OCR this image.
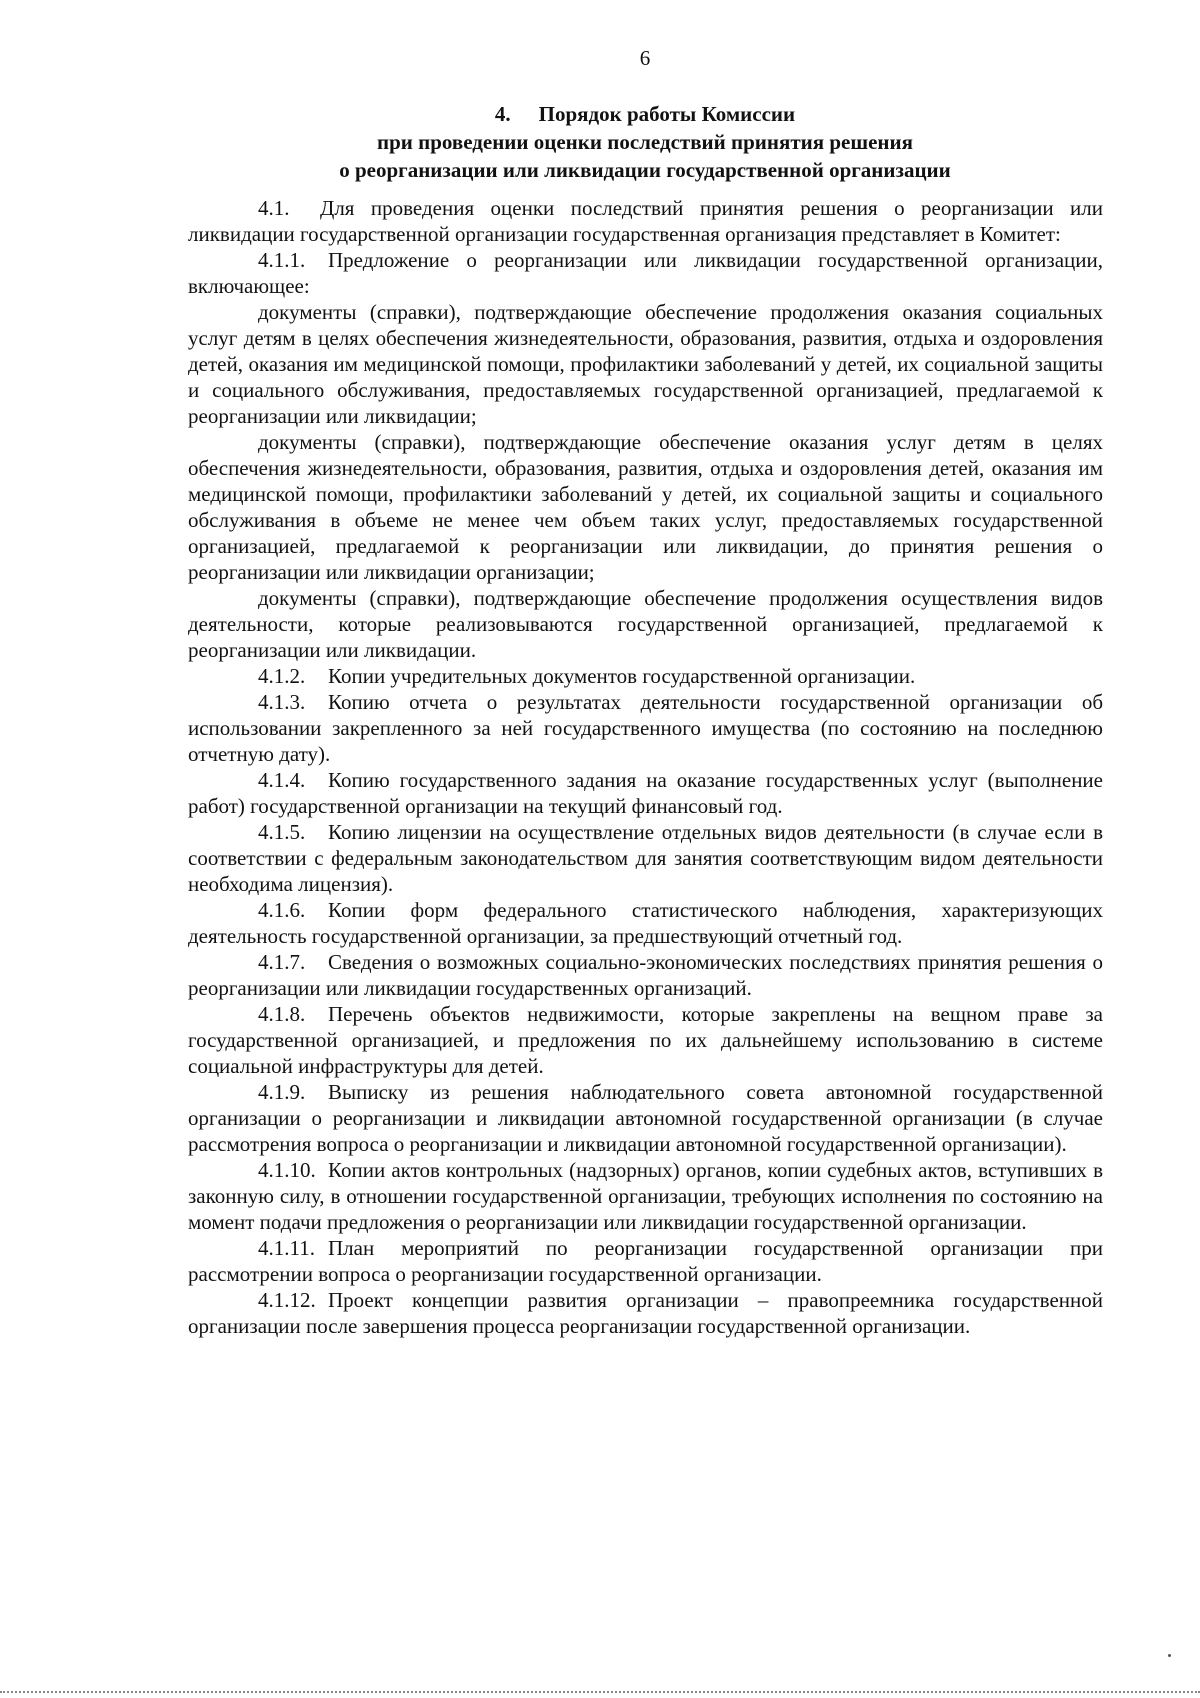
6
4. Порядок работы Комиссии
при проведении оценки последствий принятия решения
о реорганизации или ликвидации государственной организации

4.1. Для проведения оценки последствий принятия решения о реорганизации или ликвидации государственной организации государственная организация представляет в Комитет:

4.1.1. Предложение о реорганизации или ликвидации государственной организации, включающее:

документы (справки), подтверждающие обеспечение продолжения оказания социальных услуг детям в целях обеспечения жизнедеятельности, образования, развития, отдыха и оздоровления детей, оказания им медицинской помощи, профилактики заболеваний у детей, их социальной защиты и социального обслуживания, предоставляемых государственной организацией, предлагаемой к реорганизации или ликвидации;

документы (справки), подтверждающие обеспечение оказания услуг детям в целях обеспечения жизнедеятельности, образования, развития, отдыха и оздоровления детей, оказания им медицинской помощи, профилактики заболеваний у детей, их социальной защиты и социального обслуживания в объеме не менее чем объем таких услуг, предоставляемых государственной организацией, предлагаемой к реорганизации или ликвидации, до принятия решения о реорганизации или ликвидации организации;

документы (справки), подтверждающие обеспечение продолжения осуществления видов деятельности, которые реализовываются государственной организацией, предлагаемой к реорганизации или ликвидации.

4.1.2. Копии учредительных документов государственной организации.

4.1.3. Копию отчета о результатах деятельности государственной организации об использовании закрепленного за ней государственного имущества (по состоянию на последнюю отчетную дату).

4.1.4. Копию государственного задания на оказание государственных услуг (выполнение работ) государственной организации на текущий финансовый год.

4.1.5. Копию лицензии на осуществление отдельных видов деятельности (в случае если в соответствии с федеральным законодательством для занятия соответствующим видом деятельности необходима лицензия).

4.1.6. Копии форм федерального статистического наблюдения, характеризующих деятельность государственной организации, за предшествующий отчетный год.

4.1.7. Сведения о возможных социально-экономических последствиях принятия решения о реорганизации или ликвидации государственных организаций.

4.1.8. Перечень объектов недвижимости, которые закреплены на вещном праве за государственной организацией, и предложения по их дальнейшему использованию в системе социальной инфраструктуры для детей.

4.1.9. Выписку из решения наблюдательного совета автономной государственной организации о реорганизации и ликвидации автономной государственной организации (в случае рассмотрения вопроса о реорганизации и ликвидации автономной государственной организации).

4.1.10. Копии актов контрольных (надзорных) органов, копии судебных актов, вступивших в законную силу, в отношении государственной организации, требующих исполнения по состоянию на момент подачи предложения о реорганизации или ликвидации государственной организации.

4.1.11. План мероприятий по реорганизации государственной организации при рассмотрении вопроса о реорганизации государственной организации.

4.1.12. Проект концепции развития организации – правопреемника государственной организации после завершения процесса реорганизации государственной организации.
